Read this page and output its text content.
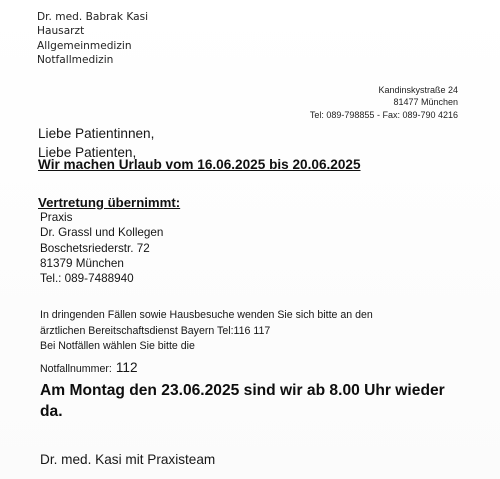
Dr. med. Babrak Kasi
Hausarzt
Allgemeinmedizin
Notfallmedizin
Kandinskystraße 24
81477 München
Tel: 089-798855 - Fax: 089-790 4216
Liebe Patientinnen,
Liebe Patienten,
Wir machen Urlaub vom 16.06.2025 bis 20.06.2025
Vertretung übernimmt:
Praxis
Dr. Grassl und Kollegen
Boschetsriederstr. 72
81379 München
Tel.: 089-7488940
In dringenden Fällen sowie Hausbesuche wenden Sie sich bitte an den
ärztlichen Bereitschaftsdienst Bayern Tel:116 117
Bei Notfällen wählen Sie bitte die
Notfallnummer: 112
Am Montag den 23.06.2025 sind wir ab 8.00 Uhr wieder da.
Dr. med. Kasi mit Praxisteam
